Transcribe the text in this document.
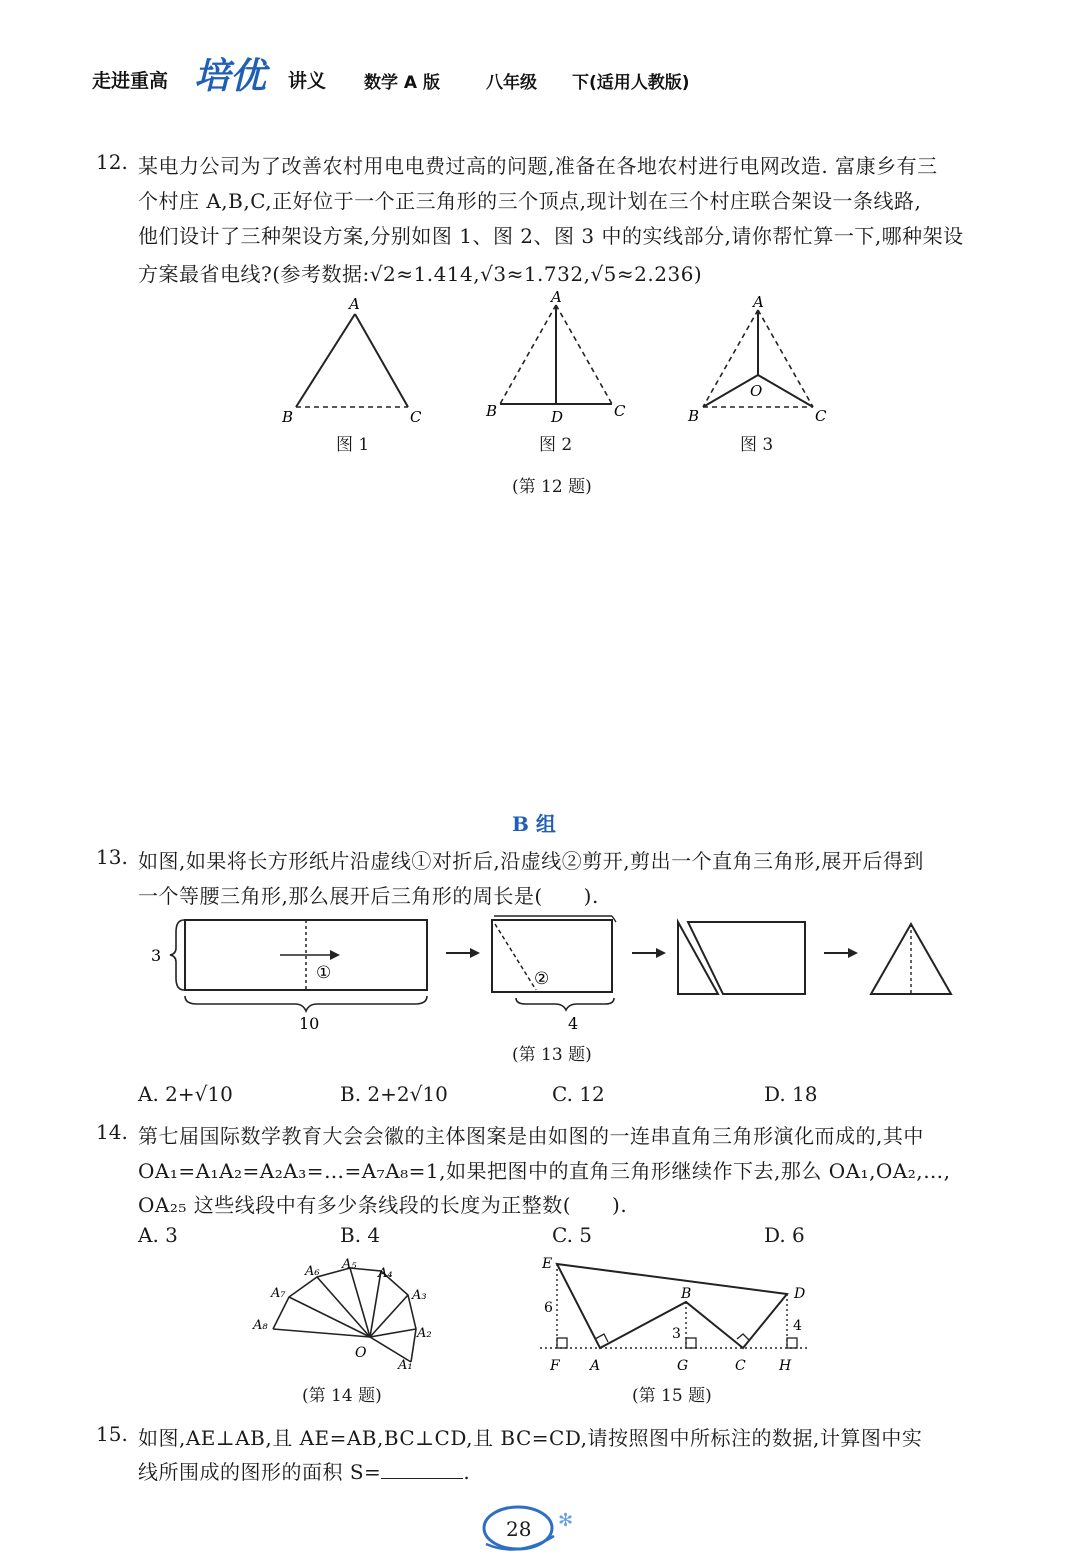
走进重高 培优 讲义 数学 A 版	八年级 下(适用人教版)
12. 某电力公司为了改善农村用电电费过高的问题,准备在各地农村进行电网改造. 富康乡有三
个村庄 A,B,C,正好位于一个正三角形的三个顶点,现计划在三个村庄联合架设一条线路,
他们设计了三种架设方案,分别如图 1、图 2、图 3 中的实线部分,请你帮忙算一下,哪种架设
方案最省电线?(参考数据:√2≈1.414,√3≈1.732,√5≈2.236)
A
B	C
A
B	D	C
A
O
B	C
图 1	图 2	图 3
(第 12 题)
B 组
13. 如图,如果将长方形纸片沿虚线①对折后,沿虚线②剪开,剪出一个直角三角形,展开后得到
一个等腰三角形,那么展开后三角形的周长是(　　).
3
①
10
②
4
(第 13 题)
A. 2+√10	B. 2+2√10	C. 12	D. 18
14. 第七届国际数学教育大会会徽的主体图案是由如图的一连串直角三角形演化而成的,其中
OA₁=A₁A₂=A₂A₃=…=A₇A₈=1,如果把图中的直角三角形继续作下去,那么 OA₁,OA₂,…,
OA₂₅ 这些线段中有多少条线段的长度为正整数(　　).
A. 3	B. 4	C. 5	D. 6
A₁
A₂
A₃
A₄
A₅
A₆
A₇
A₈
O
(第 14 题)
E
B	D
F A	G	C H
6
3	4
(第 15 题)
15. 如图,AE⊥AB,且 AE=AB,BC⊥CD,且 BC=CD,请按照图中所标注的数据,计算图中实
线所围成的图形的面积 S=	.
✻
28
